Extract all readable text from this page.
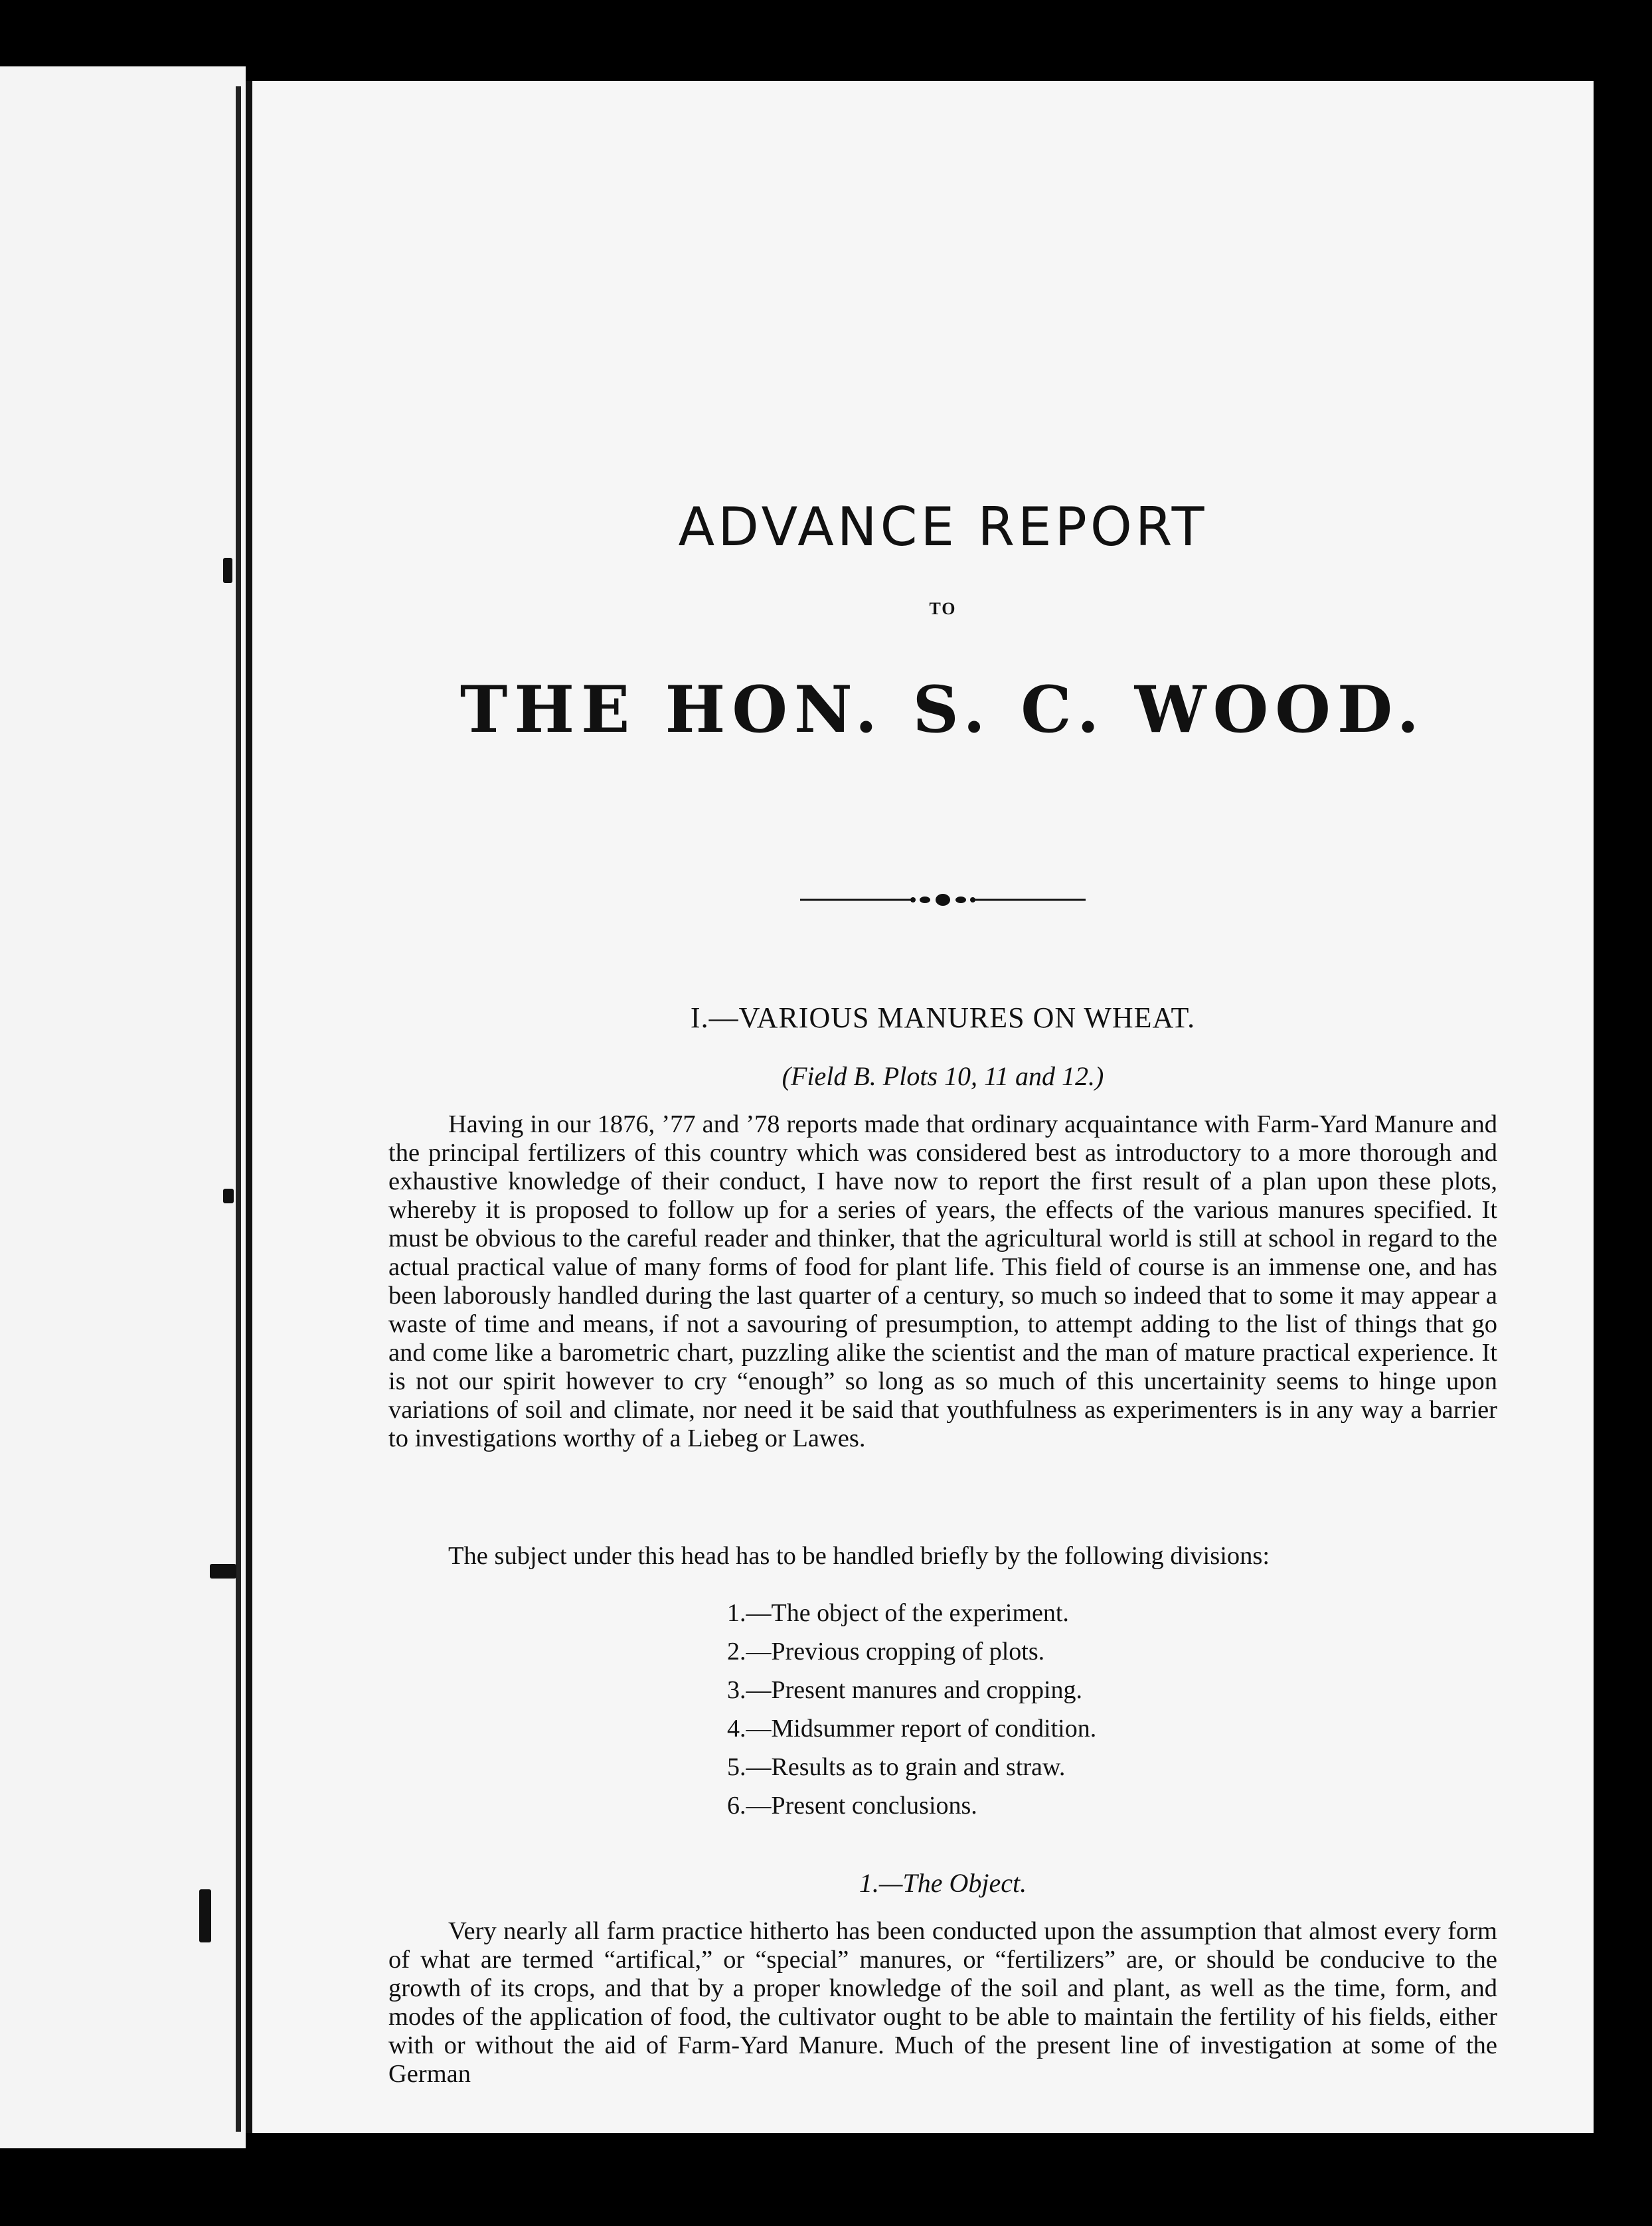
ADVANCE REPORT
TO
THE HON. S. C. WOOD.
I.—VARIOUS MANURES ON WHEAT.
(Field B. Plots 10, 11 and 12.)

Having in our 1876, ’77 and ’78 reports made that ordinary acquaintance with Farm-Yard Manure and the principal fertilizers of this country which was considered best as introductory to a more thorough and exhaustive knowledge of their conduct, I have now to report the first result of a plan upon these plots, whereby it is proposed to follow up for a series of years, the effects of the various manures specified. It must be obvious to the careful reader and thinker, that the agricultural world is still at school in regard to the actual practical value of many forms of food for plant life. This field of course is an immense one, and has been laborously handled during the last quarter of a century, so much so indeed that to some it may appear a waste of time and means, if not a savouring of presumption, to attempt adding to the list of things that go and come like a barometric chart, puzzling alike the scientist and the man of mature practical experience. It is not our spirit however to cry “enough” so long as so much of this uncertainity seems to hinge upon variations of soil and climate, nor need it be said that youthfulness as experimenters is in any way a barrier to investigations worthy of a Liebeg or Lawes.

The subject under this head has to be handled briefly by the following divisions:

1.—The object of the experiment.
2.—Previous cropping of plots.
3.—Present manures and cropping.
4.—Midsummer report of condition.
5.—Results as to grain and straw.
6.—Present conclusions.
1.—The Object.

Very nearly all farm practice hitherto has been conducted upon the assumption that almost every form of what are termed “artifical,” or “special” manures, or “fertilizers” are, or should be conducive to the growth of its crops, and that by a proper knowledge of the soil and plant, as well as the time, form, and modes of the application of food, the cultivator ought to be able to maintain the fertility of his fields, either with or without the aid of Farm-Yard Manure. Much of the present line of investigation at some of the German
